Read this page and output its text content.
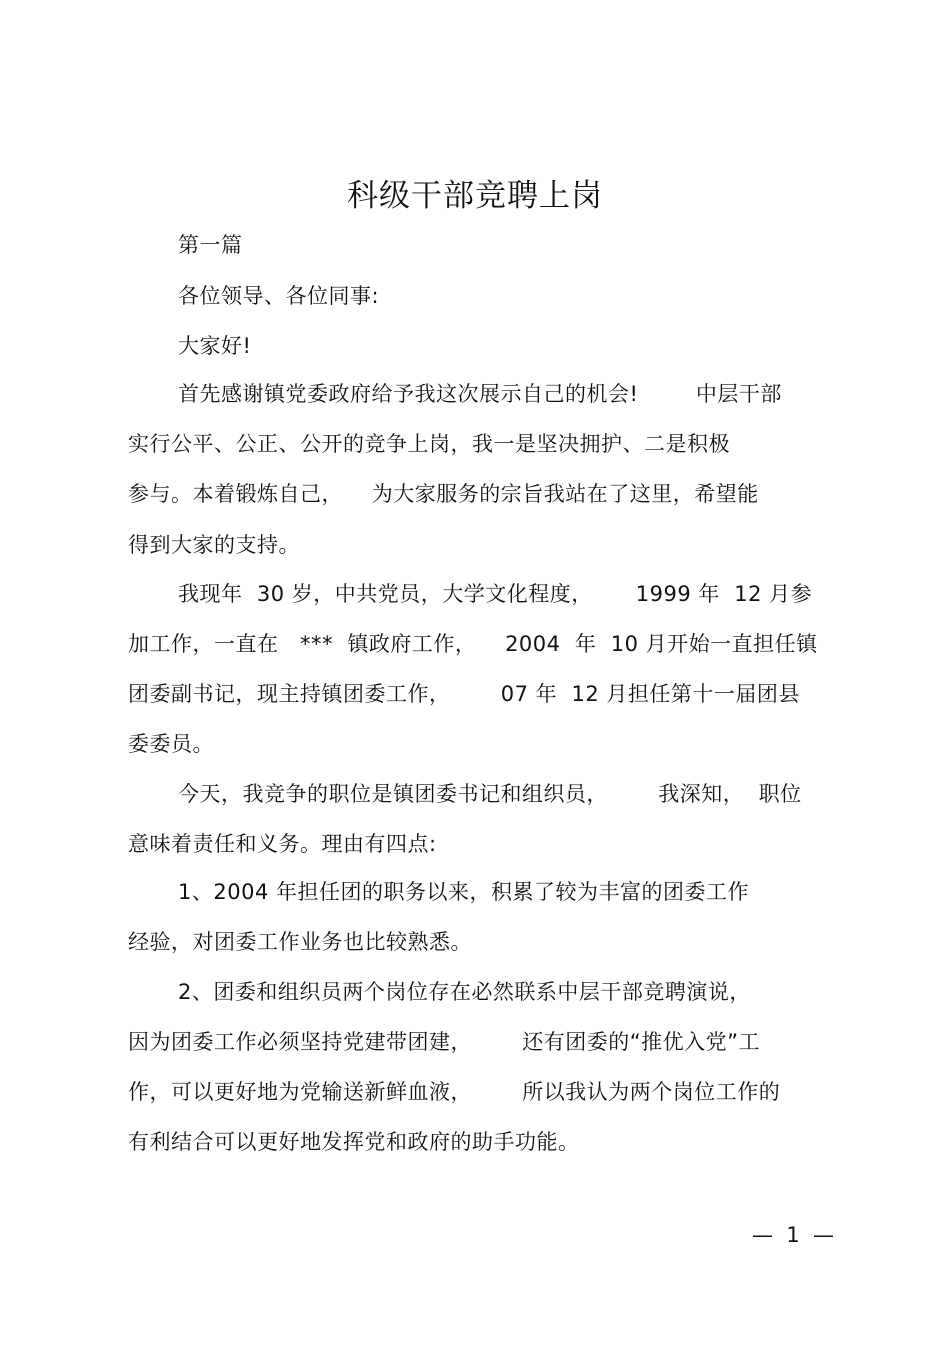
科级干部竞聘上岗
第一篇
各位领导、各位同事:
大家好!
首先感谢镇党委政府给予我这次展示自己的机会!        中层干部
实行公平、公正、公开的竞争上岗，我一是坚决拥护、二是积极
参与。本着锻炼自己，    为大家服务的宗旨我站在了这里，希望能
得到大家的支持。
我现年  30 岁，中共党员，大学文化程度，      1999 年  12 月参
加工作，一直在   ***  镇政府工作，    2004  年  10 月开始一直担任镇
团委副书记，现主持镇团委工作，       07 年  12 月担任第十一届团县
委委员。
今天，我竞争的职位是镇团委书记和组织员，       我深知，  职位
意味着责任和义务。理由有四点:
1、2004 年担任团的职务以来，积累了较为丰富的团委工作
经验，对团委工作业务也比较熟悉。
2、团委和组织员两个岗位存在必然联系中层干部竞聘演说，
因为团委工作必须坚持党建带团建，       还有团委的“推优入党”工
作，可以更好地为党输送新鲜血液，       所以我认为两个岗位工作的
有利结合可以更好地发挥党和政府的助手功能。
—  1  —
